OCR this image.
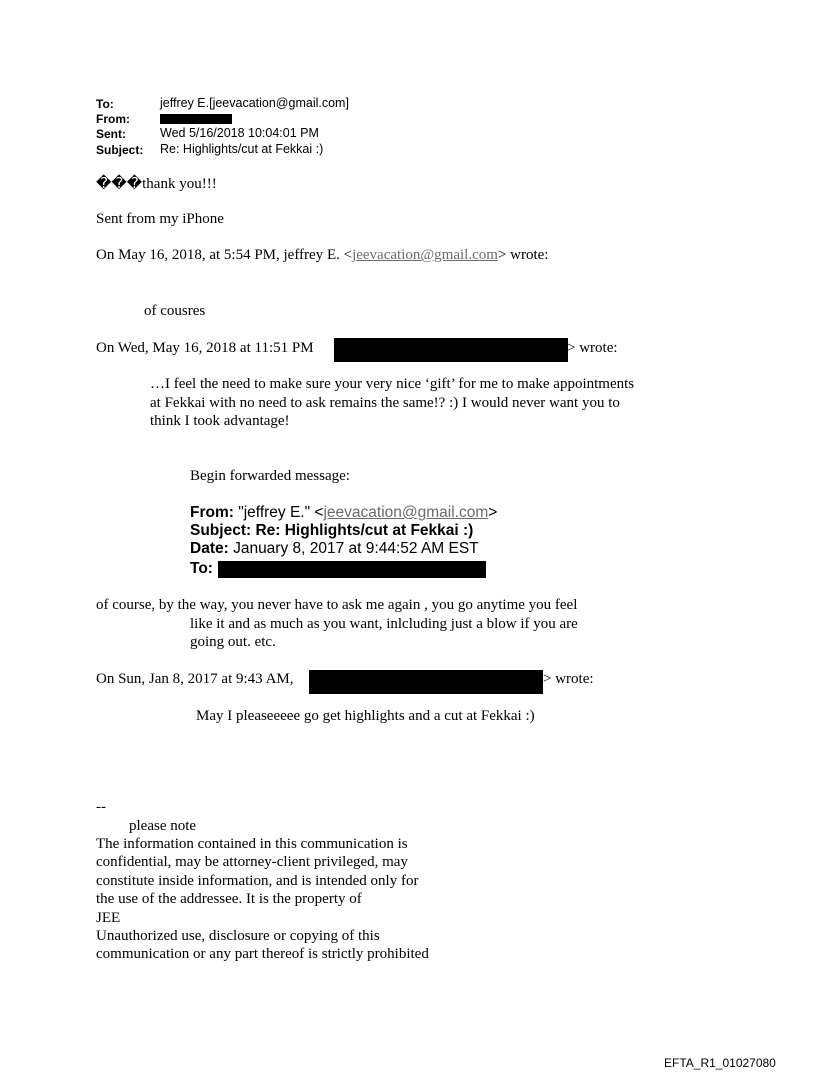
To:	jeffrey E.[jeevacation@gmail.com]
From:
Sent:	Wed 5/16/2018 10:04:01 PM
Subject: Re: Highlights/cut at Fekkai :)
���thank you!!!
Sent from my iPhone
On May 16, 2018, at 5:54 PM, jeffrey E. <jeevacation@gmail.com> wrote:
of cousres
On Wed, May 16, 2018 at 11:51 PM	> wrote:
…I feel the need to make sure your very nice ‘gift’ for me to make appointments
at Fekkai with no need to ask remains the same!? :) I would never want you to
think I took advantage!
Begin forwarded message:
From: "jeffrey E." <jeevacation@gmail.com>
Subject: Re: Highlights/cut at Fekkai :)
Date: January 8, 2017 at 9:44:52 AM EST
To:
of course, by the way, you never have to ask me again , you go anytime you feel
like it and as much as you want, inlcluding just a blow if you are
going out. etc.
On Sun, Jan 8, 2017 at 9:43 AM,	> wrote:
May I pleaseeeee go get highlights and a cut at Fekkai :)
--
please note
The information contained in this communication is
confidential, may be attorney-client privileged, may
constitute inside information, and is intended only for
the use of the addressee. It is the property of
JEE
Unauthorized use, disclosure or copying of this
communication or any part thereof is strictly prohibited
EFTA_R1_01027080
